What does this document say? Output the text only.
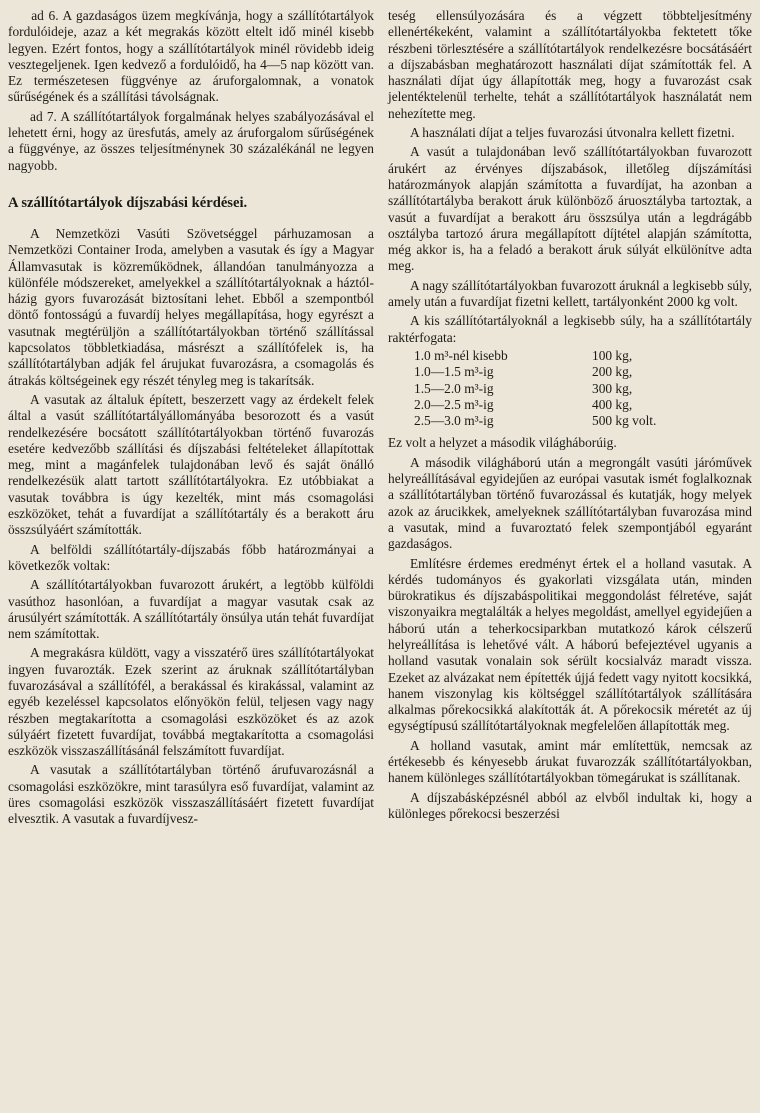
ad 6. A gazdaságos üzem megkívánja, hogy a szállítótartályok fordulóideje, azaz a két megrakás között eltelt idő minél kisebb legyen. Ezért fontos, hogy a szállítótartályok minél rövidebb ideig vesztegeljenek. Igen kedvező a fordulóidő, ha 4—5 nap között van. Ez természetesen függvénye az áruforgalomnak, a vonatok sűrűségének és a szállítási távolságnak.

ad 7. A szállítótartályok forgalmának helyes szabályozásával el lehetett érni, hogy az üresfutás, amely az áruforgalom sűrűségének a függvénye, az összes teljesítménynek 30 százalékánál ne legyen nagyobb.

A szállítótartályok díjszabási kérdései.

A Nemzetközi Vasúti Szövetséggel párhuzamosan a Nemzetközi Container Iroda, amelyben a vasutak és így a Magyar Államvasutak is közreműködnek, állandóan tanulmányozza a különféle módszereket, amelyekkel a szállítótartályoknak a háztól-házig gyors fuvarozását biztosítani lehet. Ebből a szempontból döntő fontosságú a fuvardíj helyes megállapítása, hogy egyrészt a vasutnak megtérüljön a szállítótartályokban történő szállítással kapcsolatos többletkiadása, másrészt a szállítófelek is, ha szállítótartályban adják fel árujukat fuvarozásra, a csomagolás és átrakás költségeinek egy részét tényleg meg is takarítsák.

A vasutak az általuk épített, beszerzett vagy az érdekelt felek által a vasút szállítótartályállományába besorozott és a vasút rendelkezésére bocsátott szállítótartályokban történő fuvarozás esetére kedvezőbb szállítási és díjszabási feltételeket állapítottak meg, mint a magánfelek tulajdonában levő és saját önálló rendelkezésük alatt tartott szállítótartályokra. Ez utóbbiakat a vasutak továbbra is úgy kezelték, mint más csomagolási eszközöket, tehát a fuvardíjat a szállítótartály és a berakott áru összsúlyáért számították.

A belföldi szállítótartály-díjszabás főbb határozmányai a következők voltak:

A szállítótartályokban fuvarozott árukért, a legtöbb külföldi vasúthoz hasonlóan, a fuvardíjat a magyar vasutak csak az árusúlyért számították. A szállítótartály önsúlya után tehát fuvardíjat nem számítottak.

A megrakásra küldött, vagy a visszatérő üres szállítótartályokat ingyen fuvarozták. Ezek szerint az áruknak szállítótartályban fuvarozásával a szállítófél, a berakással és kirakással, valamint az egyéb kezeléssel kapcsolatos előnyökön felül, teljesen vagy nagy részben megtakarította a csomagolási eszközöket és az azok súlyáért fizetett fuvardíjat, továbbá megtakarította a csomagolási eszközök visszaszállításánál felszámított fuvardíjat.

A vasutak a szállítótartályban történő árufuvarozásnál a csomagolási eszközökre, mint tarasúlyra eső fuvardíjat, valamint az üres csomagolási eszközök visszaszállításáért fizetett fuvardíjat elvesztik. A vasutak a fuvardíjvesz-

teség ellensúlyozására és a végzett többteljesítmény ellenértékeként, valamint a szállítótartályokba fektetett tőke részbeni törlesztésére a szállítótartályok rendelkezésre bocsátásáért a díjszabásban meghatározott használati díjat számították fel. A használati díjat úgy állapították meg, hogy a fuvarozást csak jelentéktelenül terhelte, tehát a szállítótartályok használatát nem nehezítette meg.

A használati díjat a teljes fuvarozási útvonalra kellett fizetni.

A vasút a tulajdonában levő szállítótartályokban fuvarozott árukért az érvényes díjszabások, illetőleg díjszámítási határozmányok alapján számította a fuvardíjat, ha azonban a szállítótartályba berakott áruk különböző áruosztályba tartoztak, a vasút a fuvardíjat a berakott áru összsúlya után a legdrágább osztályba tartozó árura megállapított díjtétel alapján számította, még akkor is, ha a feladó a berakott áruk súlyát elkülönítve adta meg.

A nagy szállítótartályokban fuvarozott áruknál a legkisebb súly, amely után a fuvardíjat fizetni kellett, tartályonként 2000 kg volt.

A kis szállítótartályoknál a legkisebb súly, ha a szállítótartály raktérfogata:

1.0 m³-nél kisebb	100 kg,
1.0—1.5 m³-ig	200 kg,
1.5—2.0 m³-ig	300 kg,
2.0—2.5 m³-ig	400 kg,
2.5—3.0 m³-ig	500 kg volt.

Ez volt a helyzet a második világháborúig.

A második világháború után a megrongált vasúti járóművek helyreállításával egyidejűen az európai vasutak ismét foglalkoznak a szállítótartályban történő fuvarozással és kutatják, hogy melyek azok az árucikkek, amelyeknek szállítótartályban fuvarozása mind a vasutak, mind a fuvaroztató felek szempontjából egyaránt gazdaságos.

Említésre érdemes eredményt értek el a holland vasutak. A kérdés tudományos és gyakorlati vizsgálata után, minden bürokratikus és díjszabáspolitikai meggondolást félretéve, saját viszonyaikra megtalálták a helyes megoldást, amellyel egyidejűen a háború után a teherkocsiparkban mutatkozó károk célszerű helyreállítása is lehetővé vált. A háború befejeztével ugyanis a holland vasutak vonalain sok sérült kocsialváz maradt vissza. Ezeket az alvázakat nem építették újjá fedett vagy nyitott kocsikká, hanem viszonylag kis költséggel szállítótartályok szállítására alkalmas pőrekocsikká alakították át. A pőrekocsik méretét az új egységtípusú szállítótartályoknak megfelelően állapították meg.

A holland vasutak, amint már említettük, nemcsak az értékesebb és kényesebb árukat fuvarozzák szállítótartályokban, hanem különleges szállítótartályokban tömegárukat is szállítanak.

A díjszabásképzésnél abból az elvből indultak ki, hogy a különleges pőrekocsi beszerzési
